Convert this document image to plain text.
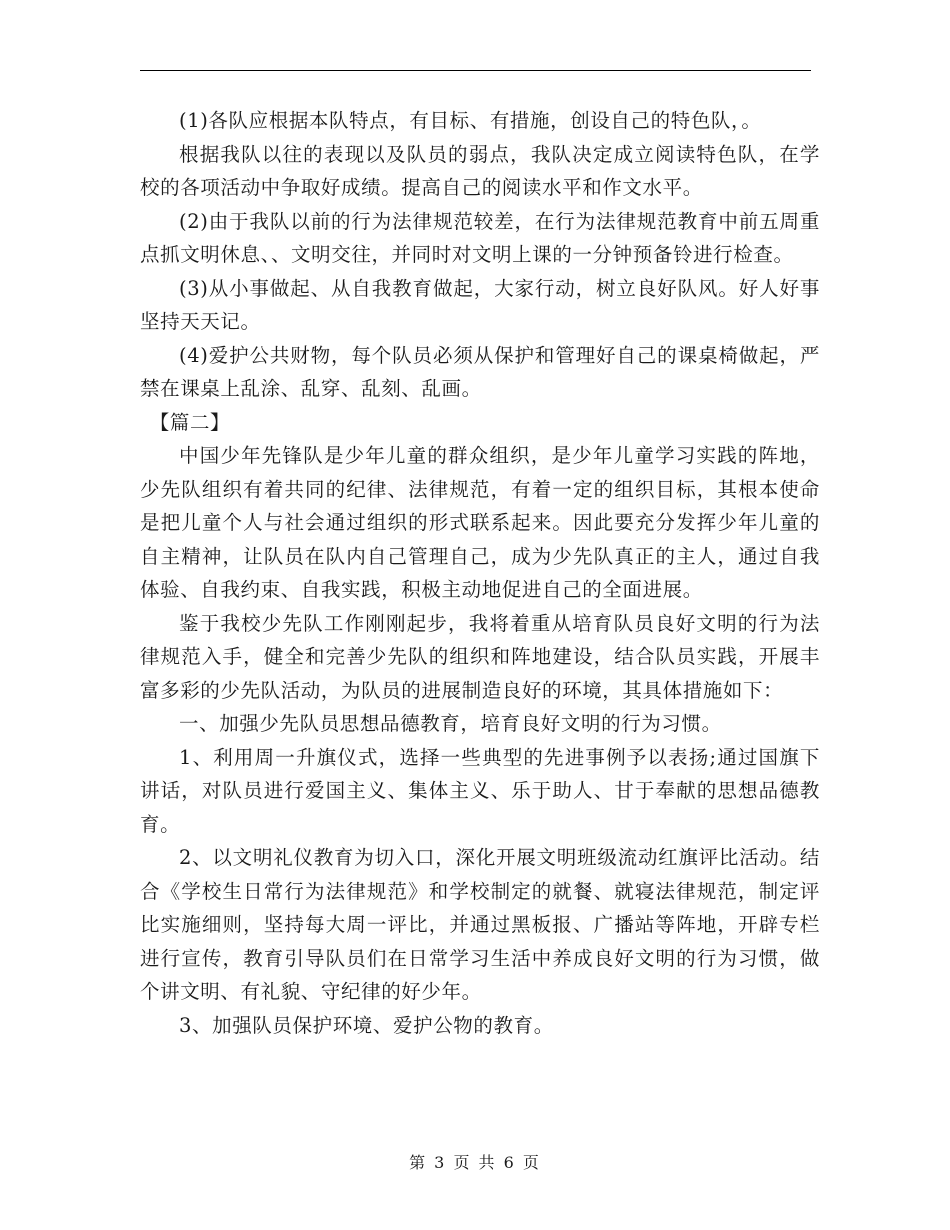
(1)各队应根据本队特点，有目标、有措施，创设自己的特色队，。

根据我队以往的表现以及队员的弱点，我队决定成立阅读特色队，在学校的各项活动中争取好成绩。提高自己的阅读水平和作文水平。

(2)由于我队以前的行为法律规范较差，在行为法律规范教育中前五周重点抓文明休息、、文明交往，并同时对文明上课的一分钟预备铃进行检查。

(3)从小事做起、从自我教育做起，大家行动，树立良好队风。好人好事坚持天天记。

(4)爱护公共财物，每个队员必须从保护和管理好自己的课桌椅做起，严禁在课桌上乱涂、乱穿、乱刻、乱画。

【篇二】

中国少年先锋队是少年儿童的群众组织，是少年儿童学习实践的阵地，少先队组织有着共同的纪律、法律规范，有着一定的组织目标，其根本使命是把儿童个人与社会通过组织的形式联系起来。因此要充分发挥少年儿童的自主精神，让队员在队内自己管理自己，成为少先队真正的主人，通过自我体验、自我约束、自我实践，积极主动地促进自己的全面进展。

鉴于我校少先队工作刚刚起步，我将着重从培育队员良好文明的行为法律规范入手，健全和完善少先队的组织和阵地建设，结合队员实践，开展丰富多彩的少先队活动，为队员的进展制造良好的环境，其具体措施如下：

一、加强少先队员思想品德教育，培育良好文明的行为习惯。

1、利用周一升旗仪式，选择一些典型的先进事例予以表扬;通过国旗下讲话，对队员进行爱国主义、集体主义、乐于助人、甘于奉献的思想品德教育。

2、以文明礼仪教育为切入口，深化开展文明班级流动红旗评比活动。结合《学校生日常行为法律规范》和学校制定的就餐、就寝法律规范，制定评比实施细则，坚持每大周一评比，并通过黑板报、广播站等阵地，开辟专栏进行宣传，教育引导队员们在日常学习生活中养成良好文明的行为习惯，做个讲文明、有礼貌、守纪律的好少年。

3、加强队员保护环境、爱护公物的教育。

第 3 页 共 6 页
